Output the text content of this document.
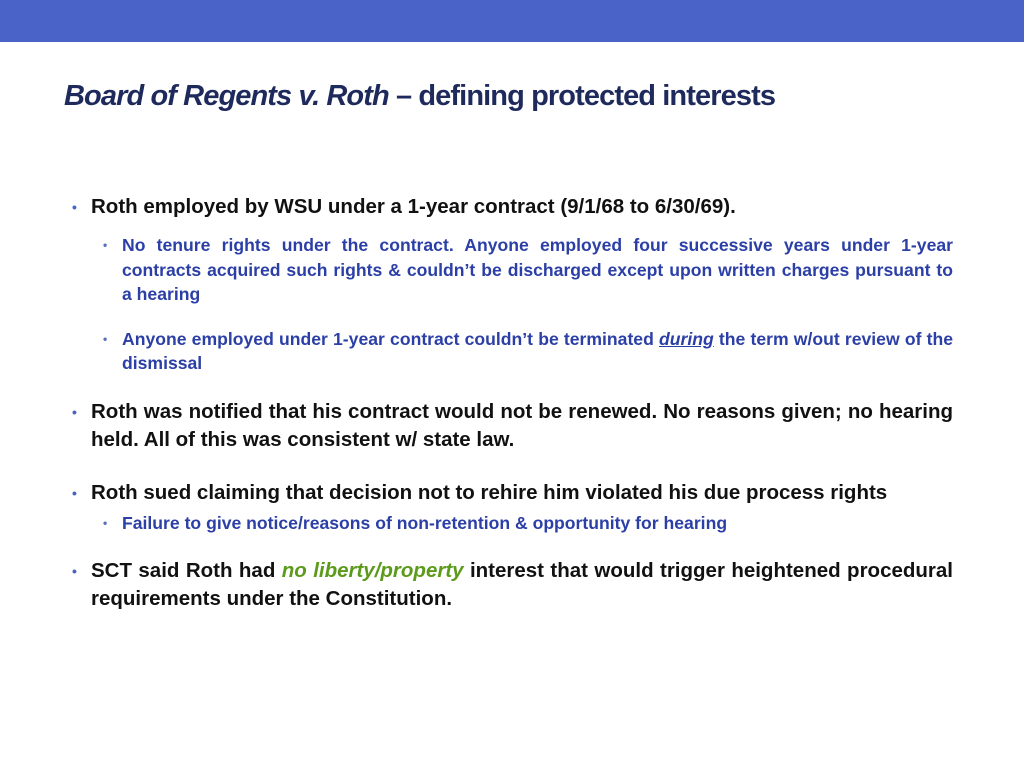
Board of Regents v. Roth – defining protected interests
• Roth employed by WSU under a 1-year contract (9/1/68 to 6/30/69).
• No tenure rights under the contract. Anyone employed four successive years under 1-year contracts acquired such rights & couldn’t be discharged except upon written charges pursuant to a hearing
• Anyone employed under 1-year contract couldn’t be terminated during the term w/out review of the dismissal
• Roth was notified that his contract would not be renewed. No reasons given; no hearing held. All of this was consistent w/ state law.
• Roth sued claiming that decision not to rehire him violated his due process rights
• Failure to give notice/reasons of non-retention & opportunity for hearing
• SCT said Roth had no liberty/property interest that would trigger heightened procedural requirements under the Constitution.
